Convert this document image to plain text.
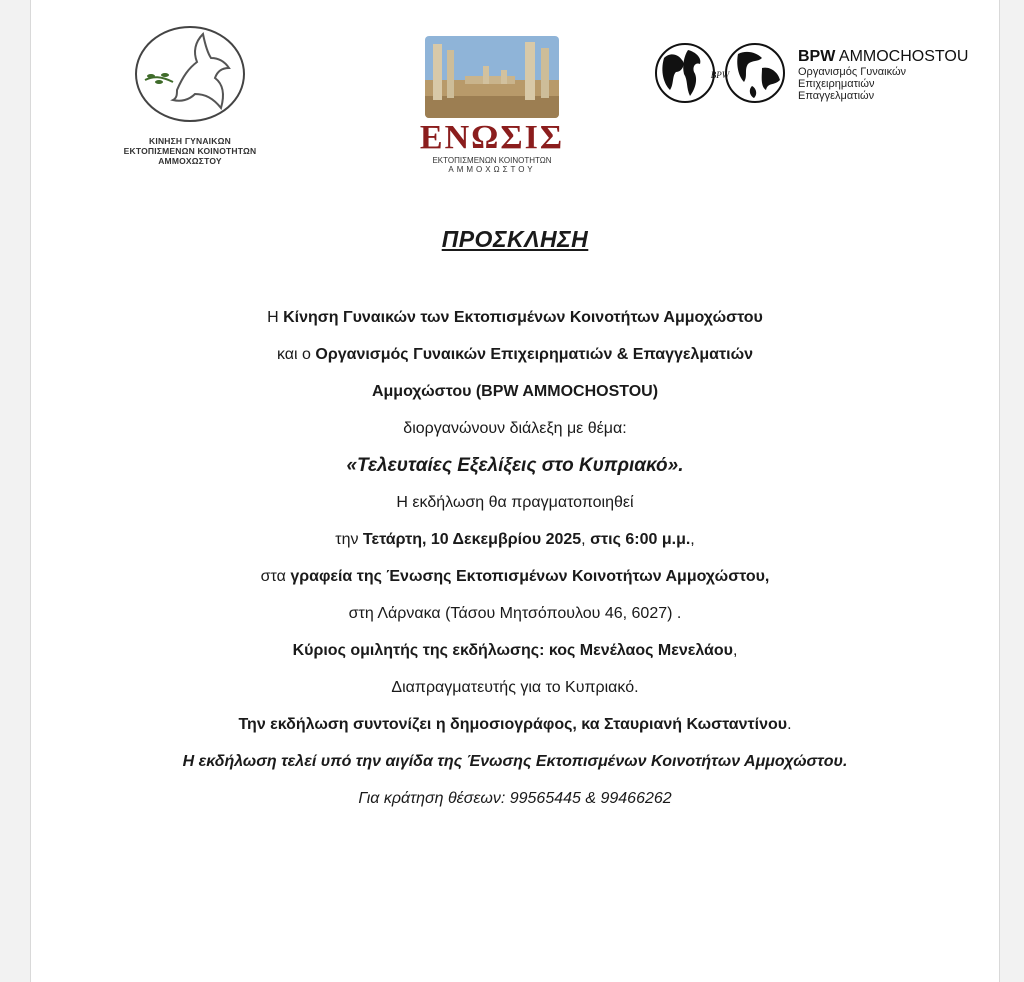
ΚΙΝΗΣΗ ΓΥΝΑΙΚΩΝ
ΕΚΤΟΠΙΣΜΕΝΩΝ ΚΟΙΝΟΤΗΤΩΝ
ΑΜΜΟΧΩΣΤΟΥ
ΕΝΩΣΙΣ
ΕΚΤΟΠΙΣΜΕΝΩΝ ΚΟΙΝΟΤΗΤΩΝ
ΑΜΜΟΧΩΣΤΟΥ
BPW
BPW AMMOCHOSTOU
Οργανισμός Γυναικών
Επιχειρηματιών
Επαγγελματιών
ΠΡΟΣΚΛΗΣΗ
Η Κίνηση Γυναικών των Εκτοπισμένων Κοινοτήτων Αμμοχώστου
και ο Οργανισμός Γυναικών Επιχειρηματιών & Επαγγελματιών
Αμμοχώστου (BPW AMMOCHOSTOU)
διοργανώνουν διάλεξη με θέμα:
«Τελευταίες Εξελίξεις στο Κυπριακό».
Η εκδήλωση θα πραγματοποιηθεί
την Τετάρτη, 10 Δεκεμβρίου 2025, στις 6:00 μ.μ.,
στα γραφεία της Ένωσης Εκτοπισμένων Κοινοτήτων Αμμοχώστου,
στη Λάρνακα (Τάσου Μητσόπουλου 46, 6027) .
Κύριος ομιλητής της εκδήλωσης: κος Μενέλαος Μενελάου,
Διαπραγματευτής για το Κυπριακό.
Την εκδήλωση συντονίζει η δημοσιογράφος, κα Σταυριανή Κωσταντίνου.
Η εκδήλωση τελεί υπό την αιγίδα της Ένωσης Εκτοπισμένων Κοινοτήτων Αμμοχώστου.
Για κράτηση θέσεων: 99565445 & 99466262
